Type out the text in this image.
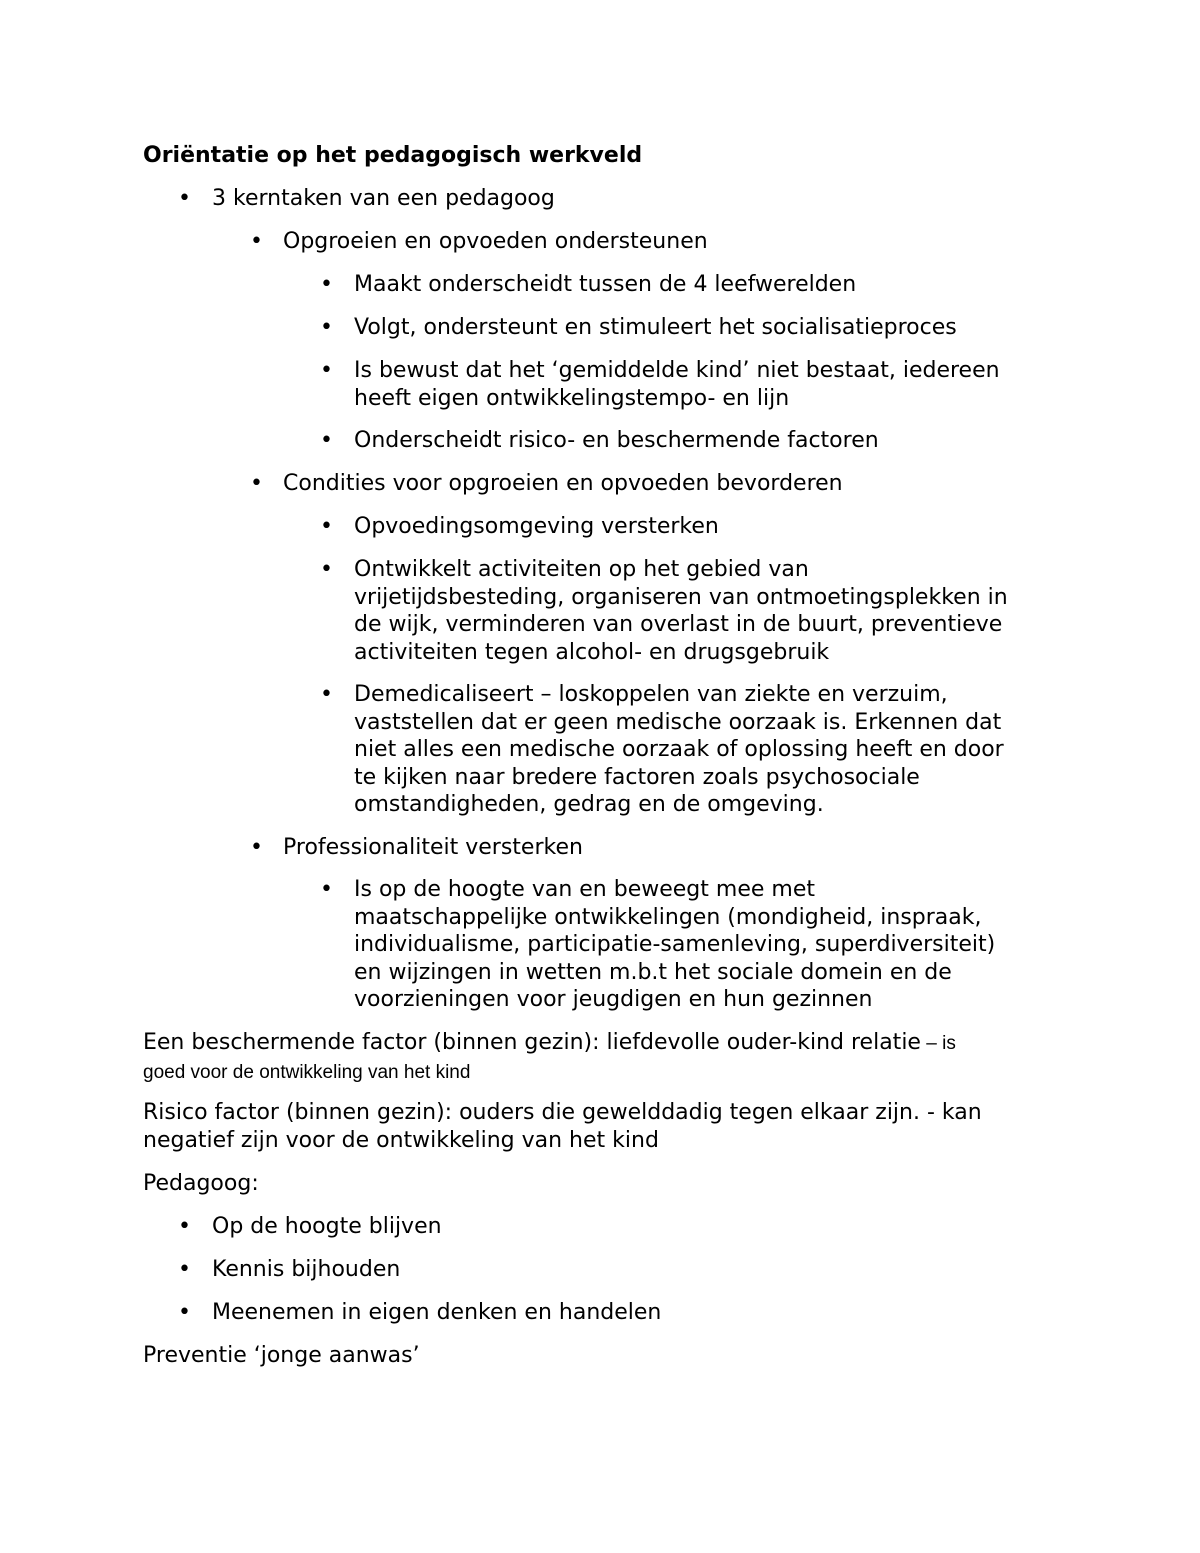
Oriëntatie op het pedagogisch werkveld
• 3 kerntaken van een pedagoog
• Opgroeien en opvoeden ondersteunen
• Maakt onderscheidt tussen de 4 leefwerelden
• Volgt, ondersteunt en stimuleert het socialisatieproces
• Is bewust dat het ‘gemiddelde kind’ niet bestaat, iedereen
heeft eigen ontwikkelingstempo- en lijn
• Onderscheidt risico- en beschermende factoren
• Condities voor opgroeien en opvoeden bevorderen
• Opvoedingsomgeving versterken
• Ontwikkelt activiteiten op het gebied van
vrijetijdsbesteding, organiseren van ontmoetingsplekken in
de wijk, verminderen van overlast in de buurt, preventieve
activiteiten tegen alcohol- en drugsgebruik
• Demedicaliseert – loskoppelen van ziekte en verzuim,
vaststellen dat er geen medische oorzaak is. Erkennen dat
niet alles een medische oorzaak of oplossing heeft en door
te kijken naar bredere factoren zoals psychosociale
omstandigheden, gedrag en de omgeving.
• Professionaliteit versterken
• Is op de hoogte van en beweegt mee met
maatschappelijke ontwikkelingen (mondigheid, inspraak,
individualisme, participatie-samenleving, superdiversiteit)
en wijzingen in wetten m.b.t het sociale domein en de
voorzieningen voor jeugdigen en hun gezinnen
Een beschermende factor (binnen gezin): liefdevolle ouder-kind relatie – is
goed voor de ontwikkeling van het kind
Risico factor (binnen gezin): ouders die gewelddadig tegen elkaar zijn. - kan
negatief zijn voor de ontwikkeling van het kind
Pedagoog:
• Op de hoogte blijven
• Kennis bijhouden
• Meenemen in eigen denken en handelen
Preventie ‘jonge aanwas’
